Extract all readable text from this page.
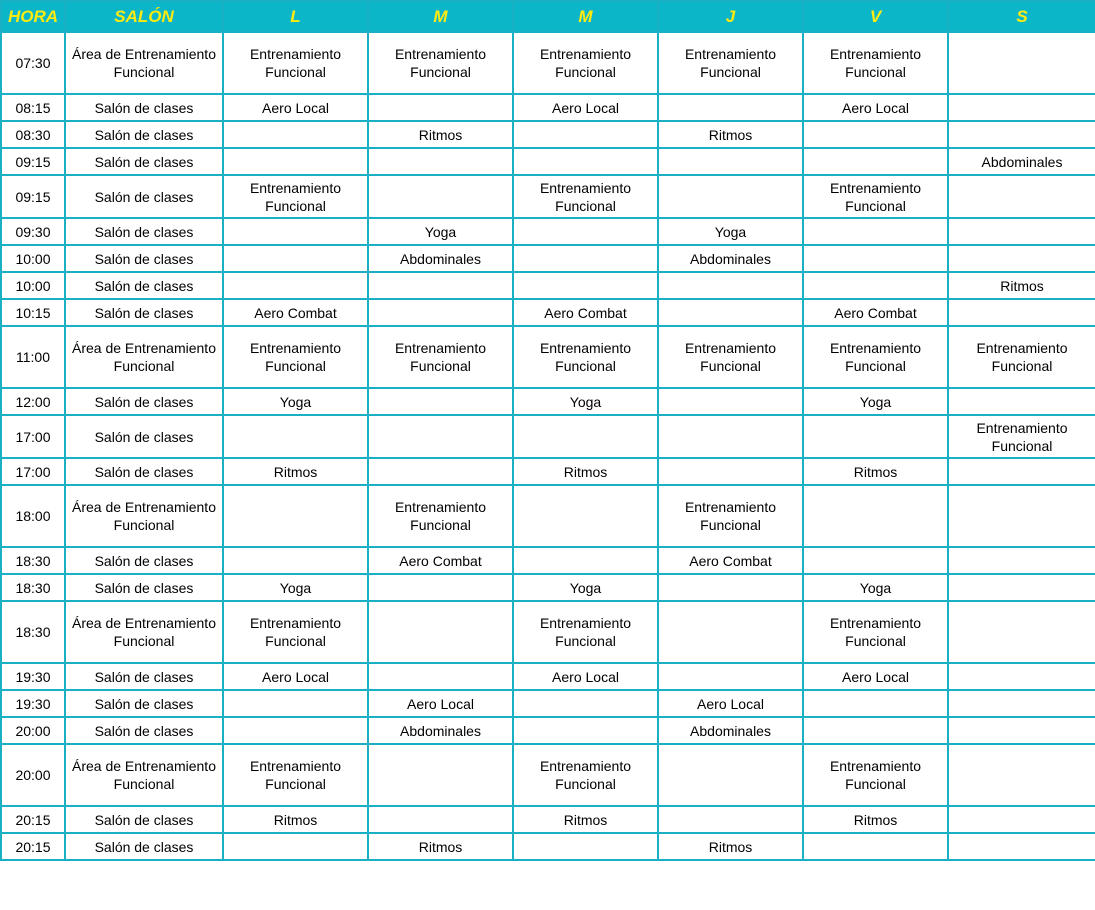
HORA	SALÓN	L	M	M	J	V	S
07:30	Área de Entrenamiento Funcional	Entrenamiento Funcional	Entrenamiento Funcional	Entrenamiento Funcional	Entrenamiento Funcional	Entrenamiento Funcional	
08:15	Salón de clases	Aero Local		Aero Local		Aero Local	
08:30	Salón de clases		Ritmos		Ritmos		
09:15	Salón de clases						Abdominales
09:15	Salón de clases	Entrenamiento Funcional		Entrenamiento Funcional		Entrenamiento Funcional	
09:30	Salón de clases		Yoga		Yoga		
10:00	Salón de clases		Abdominales		Abdominales		
10:00	Salón de clases						Ritmos
10:15	Salón de clases	Aero Combat		Aero Combat		Aero Combat	
11:00	Área de Entrenamiento Funcional	Entrenamiento Funcional	Entrenamiento Funcional	Entrenamiento Funcional	Entrenamiento Funcional	Entrenamiento Funcional	Entrenamiento Funcional
12:00	Salón de clases	Yoga		Yoga		Yoga	
17:00	Salón de clases						Entrenamiento Funcional
17:00	Salón de clases	Ritmos		Ritmos		Ritmos	
18:00	Área de Entrenamiento Funcional		Entrenamiento Funcional		Entrenamiento Funcional		
18:30	Salón de clases		Aero Combat		Aero Combat		
18:30	Salón de clases	Yoga		Yoga		Yoga	
18:30	Área de Entrenamiento Funcional	Entrenamiento Funcional		Entrenamiento Funcional		Entrenamiento Funcional	
19:30	Salón de clases	Aero Local		Aero Local		Aero Local	
19:30	Salón de clases		Aero Local		Aero Local		
20:00	Salón de clases		Abdominales		Abdominales		
20:00	Área de Entrenamiento Funcional	Entrenamiento Funcional		Entrenamiento Funcional		Entrenamiento Funcional	
20:15	Salón de clases	Ritmos		Ritmos		Ritmos	
20:15	Salón de clases		Ritmos		Ritmos		
